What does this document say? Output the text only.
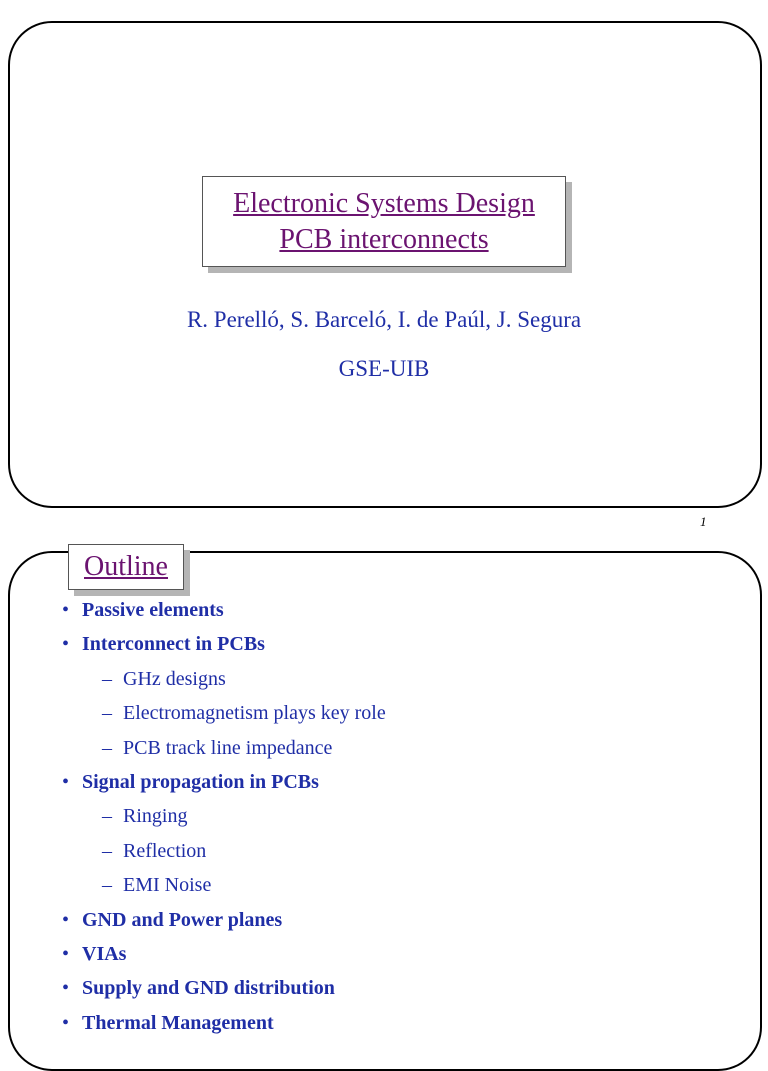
Electronic Systems Design
PCB interconnects
R. Perelló, S. Barceló, I. de Paúl, J. Segura
GSE-UIB
1
Outline
• Passive elements
• Interconnect in PCBs
– GHz designs
– Electromagnetism plays key role
– PCB track line impedance
• Signal propagation in PCBs
– Ringing
– Reflection
– EMI Noise
• GND and Power planes
• VIAs
• Supply and GND distribution
• Thermal Management
